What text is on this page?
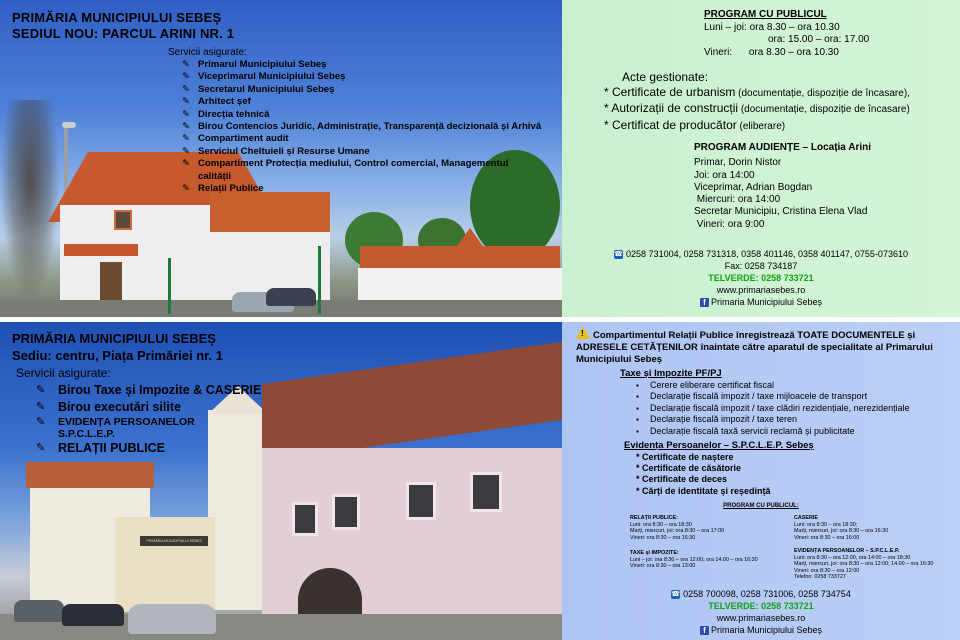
PRIMĂRIA MUNICIPIULUI SEBEȘ
SEDIUL NOU: PARCUL ARINI NR. 1
Servicii asigurate:
✎ Primarul Municipiului Sebeș
✎ Viceprimarul Municipiului Sebeș
✎ Secretarul Municipiului Sebeș
✎ Arhitect șef
✎ Direcția tehnică
✎ Birou Contencios Juridic, Administrație, Transparență decizională și Arhivă
✎ Compartiment audit
✎ Serviciul Cheltuieli și Resurse Umane
✎ Compartiment Protecția mediului, Control comercial, Managementul
calității
✎ Relații Publice
PROGRAM CU PUBLICUL
Luni – joi: ora 8.30 – ora 10.30
ora: 15.00 – ora: 17.00
Vineri:      ora 8.30 – ora 10.30
Acte gestionate:
* Certificate de urbanism (documentație, dispoziție de încasare),
* Autorizații de construcții (documentație, dispoziție de încasare)
* Certificat de producător (eliberare)
PROGRAM AUDIENȚE – Locația Arini
Primar, Dorin Nistor
Joi: ora 14:00
Viceprimar, Adrian Bogdan
Miercuri: ora 14:00
Secretar Municipiu, Cristina Elena Vlad
Vineri: ora 9:00
☎ 0258 731004, 0258 731318, 0358 401146, 0358 401147, 0755-073610
Fax: 0258 734187
TELVERDE: 0258 733721
www.primariasebes.ro
f Primaria Municipiului Sebeș
PRIMĂRIA MUNICIPIULUI SEBEȘ
PRIMĂRIA MUNICIPIULUI SEBEȘ
Sediu: centru, Piața Primăriei nr. 1
Servicii asigurate:
✎ Birou Taxe și Impozite & CASERIE
✎ Birou executări silite
✎ EVIDENȚA PERSOANELOR
S.P.C.L.E.P.
✎ RELAȚII PUBLICE
!Compartimentul Relații Publice înregistrează TOATE DOCUMENTELE și ADRESELE CETĂȚENILOR înaintate către aparatul de specialitate al Primarului Municipiului Sebeș
Taxe și Impozite PF/PJ
▪ Cerere eliberare certificat fiscal
▪ Declarație fiscală impozit / taxe mijloacele de transport
▪ Declarație fiscală impozit / taxe clădiri rezidențiale, nerezidențiale
▪ Declarație fiscală impozit / taxe teren
▪ Declarație fiscală taxă servicii reclamă și publicitate
Evidența Persoanelor – S.P.C.L.E.P. Sebeș
* Certificate de naștere
* Certificate de căsătorie
* Certificate de deces
* Cărți de identitate și reședință
PROGRAM CU PUBLICUL:
RELAȚII PUBLICE:
Luni: ora 8:30 – ora 18:30
Marți, miercuri, joi: ora 8:30 – ora 17:00
Vineri: ora 8:30 – ora 16:30
CASERIE
Luni: ora 8:30 – ora 18:30;
Marți, miercuri, joi: ora 8:30 – ora 16:30
Vineri: ora 8:30 – ora 16:00
TAXE și IMPOZITE:
Luni – joi: ora 8:30 – ora 12:00, ora 14:00 – ora 16:30
Vineri: ora 8:30 – ora 13:00
EVIDENȚA PERSOANELOR – S.P.C.L.E.P.
Luni: ora 8:30 – ora 12:00, ora 14:00 – ora 18:30
Marți, miercuri, joi: ora 8:30 – ora 12:00; 14.00 – ora 16:30
Vineri: ora 8:30 – ora 12:00
Telefon: 0258 733727
☎ 0258 700098, 0258 731006, 0258 734754
TELVERDE: 0258 733721
www.primariasebes.ro
f Primaria Municipiului Sebeș
